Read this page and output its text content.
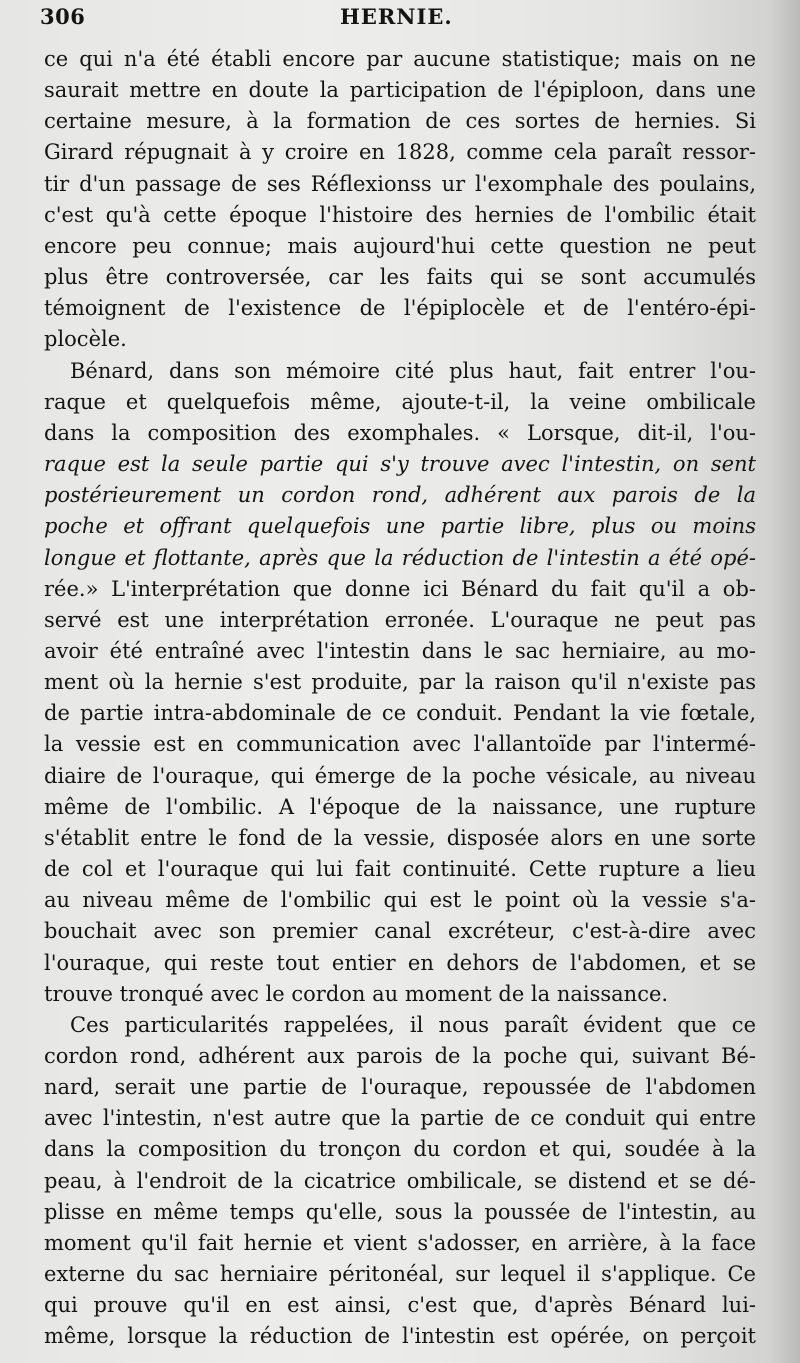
306	HERNIE.
ce qui n'a été établi encore par aucune statistique; mais on ne
saurait mettre en doute la participation de l'épiploon, dans une
certaine mesure, à la formation de ces sortes de hernies. Si
Girard répugnait à y croire en 1828, comme cela paraît ressor-
tir d'un passage de ses Réflexionss ur l'exomphale des poulains,
c'est qu'à cette époque l'histoire des hernies de l'ombilic était
encore peu connue; mais aujourd'hui cette question ne peut
plus être controversée, car les faits qui se sont accumulés
témoignent de l'existence de l'épiplocèle et de l'entéro-épi-
plocèle.
Bénard, dans son mémoire cité plus haut, fait entrer l'ou-
raque et quelquefois même, ajoute-t-il, la veine ombilicale
dans la composition des exomphales. « Lorsque, dit-il, l'ou-
raque est la seule partie qui s'y trouve avec l'intestin, on sent
postérieurement un cordon rond, adhérent aux parois de la
poche et offrant quelquefois une partie libre, plus ou moins
longue et flottante, après que la réduction de l'intestin a été opé-
rée.» L'interprétation que donne ici Bénard du fait qu'il a ob-
servé est une interprétation erronée. L'ouraque ne peut pas
avoir été entraîné avec l'intestin dans le sac herniaire, au mo-
ment où la hernie s'est produite, par la raison qu'il n'existe pas
de partie intra-abdominale de ce conduit. Pendant la vie fœtale,
la vessie est en communication avec l'allantoïde par l'intermé-
diaire de l'ouraque, qui émerge de la poche vésicale, au niveau
même de l'ombilic. A l'époque de la naissance, une rupture
s'établit entre le fond de la vessie, disposée alors en une sorte
de col et l'ouraque qui lui fait continuité. Cette rupture a lieu
au niveau même de l'ombilic qui est le point où la vessie s'a-
bouchait avec son premier canal excréteur, c'est-à-dire avec
l'ouraque, qui reste tout entier en dehors de l'abdomen, et se
trouve tronqué avec le cordon au moment de la naissance.
Ces particularités rappelées, il nous paraît évident que ce
cordon rond, adhérent aux parois de la poche qui, suivant Bé-
nard, serait une partie de l'ouraque, repoussée de l'abdomen
avec l'intestin, n'est autre que la partie de ce conduit qui entre
dans la composition du tronçon du cordon et qui, soudée à la
peau, à l'endroit de la cicatrice ombilicale, se distend et se dé-
plisse en même temps qu'elle, sous la poussée de l'intestin, au
moment qu'il fait hernie et vient s'adosser, en arrière, à la face
externe du sac herniaire péritonéal, sur lequel il s'applique. Ce
qui prouve qu'il en est ainsi, c'est que, d'après Bénard lui-
même, lorsque la réduction de l'intestin est opérée, on perçoit
